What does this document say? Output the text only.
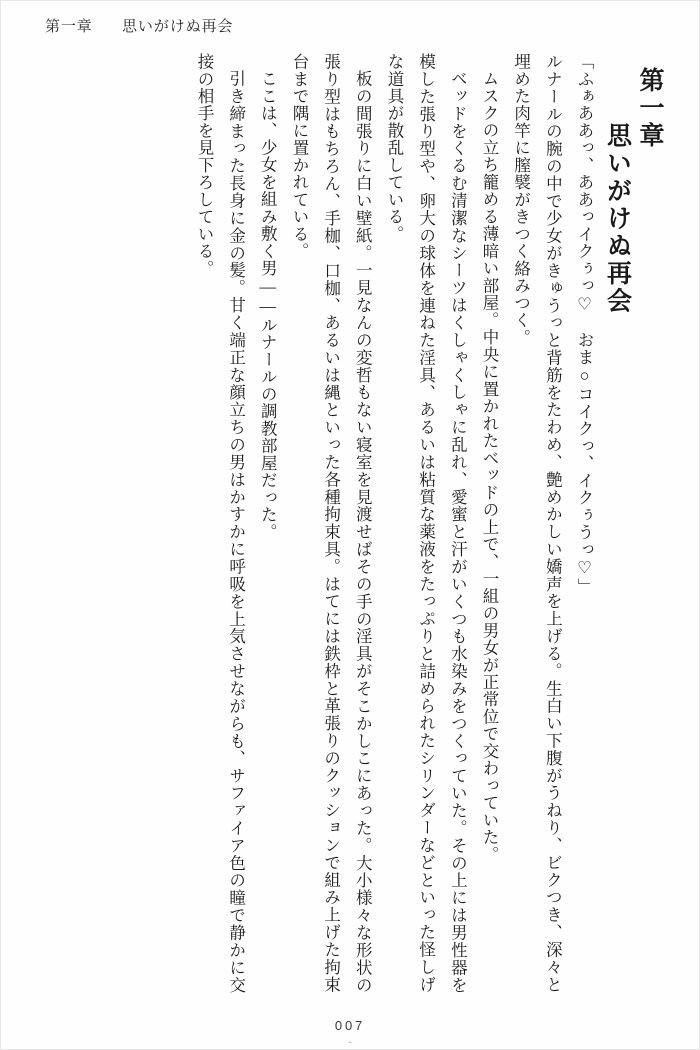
第一章 思いがけぬ再会
第一章
思いがけぬ再会

「ふぁああっ、ああっイクぅっ♡　おま○コイクっ、イクぅうっ♡」

ルナールの腕の中で少女がきゅうっと背筋をたわめ、艶めかしい嬌声を上げる。生白い下腹がうねり、ビクつき、深々と埋めた肉竿に膣襞がきつく絡みつく。

ムスクの立ち籠める薄暗い部屋。中央に置かれたベッドの上で、一組の男女が正常位で交わっていた。

ベッドをくるむ清潔なシーツはくしゃくしゃに乱れ、愛蜜と汗がいくつも水染みをつくっていた。その上には男性器を模した張り型や、卵大の球体を連ねた淫具、あるいは粘質な薬液をたっぷりと詰められたシリンダーなどといった怪しげな道具が散乱している。

板の間張りに白い壁紙。一見なんの変哲もない寝室を見渡せばその手の淫具がそこかしこにあった。大小様々な形状の張り型はもちろん、手枷、口枷、あるいは縄といった各種拘束具。はてには鉄枠と革張りのクッションで組み上げた拘束台まで隅に置かれている。

ここは、少女を組み敷く男――ルナールの調教部屋だった。

引き締まった長身に金の髪。甘く端正な顔立ちの男はかすかに呼吸を上気させながらも、サファイア色の瞳で静かに交接の相手を見下ろしている。

007
‑
